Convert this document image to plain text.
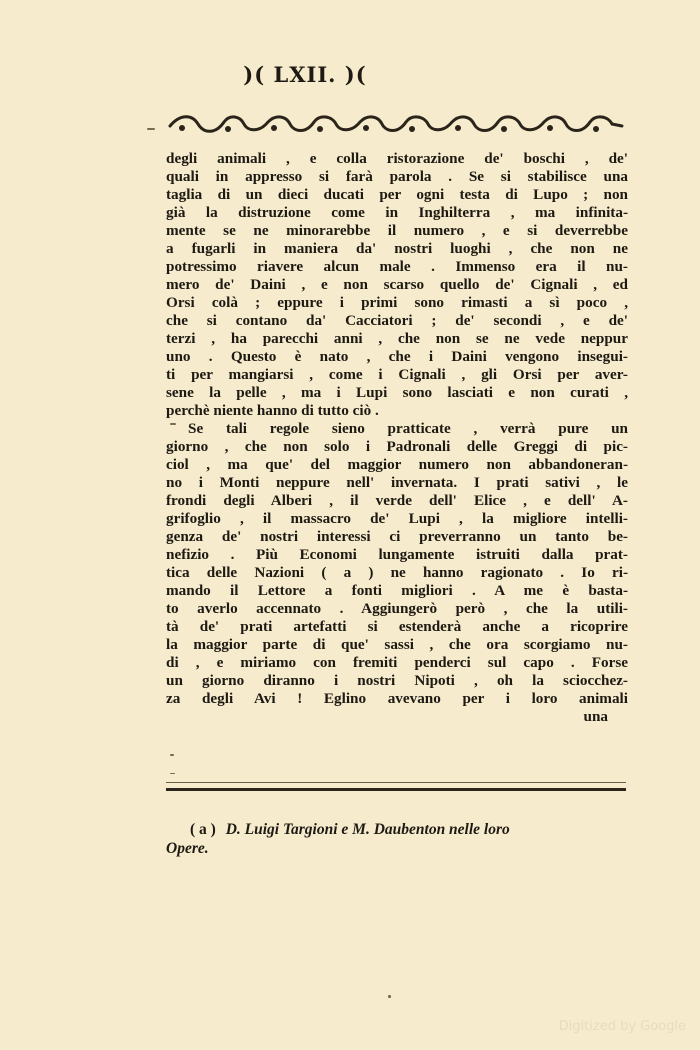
)( LXII. )(
degli animali , e colla ristorazione de' boschi , de'
quali in appresso si farà parola . Se si stabilisce una
taglia di un dieci ducati per ogni testa di Lupo ; non
già la distruzione come in Inghilterra , ma infinita-
mente se ne minorarebbe il numero , e si deverrebbe
a fugarli in maniera da' nostri luoghi , che non ne
potressimo riavere alcun male . Immenso era il nu-
mero de' Daini , e non scarso quello de' Cignali , ed
Orsi colà ; eppure i primi sono rimasti a sì poco ,
che si contano da' Cacciatori ; de' secondi , e de'
terzi , ha parecchi anni , che non se ne vede neppur
uno . Questo è nato , che i Daini vengono insegui-
ti per mangiarsi , come i Cignali , gli Orsi per aver-
sene la pelle , ma i Lupi sono lasciati e non curati ,
perchè niente hanno di tutto ciò .
Se tali regole sieno pratticate , verrà pure un
giorno , che non solo i Padronali delle Greggi di pic-
ciol , ma que' del maggior numero non abbandoneran-
no i Monti neppure nell' invernata. I prati sativi , le
frondi degli Alberi , il verde dell' Elice , e dell' A-
grifoglio , il massacro de' Lupi , la migliore intelli-
genza de' nostri interessi ci preverranno un tanto be-
nefizio . Più Economi lungamente istruiti dalla prat-
tica delle Nazioni ( a ) ne hanno ragionato . Io ri-
mando il Lettore a fonti migliori . A me è basta-
to averlo accennato . Aggiungerò però , che la utili-
tà de' prati artefatti si estenderà anche a ricoprire
la maggior parte di que' sassi , che ora scorgiamo nu-
di , e miriamo con fremiti penderci sul capo . Forse
un giorno diranno i nostri Nipoti , oh la sciocchez-
za degli Avi ! Eglino avevano per i loro animali
una
( a ) D. Luigi Targioni e M. Daubenton nelle loro
Opere.
Digitized by Google
